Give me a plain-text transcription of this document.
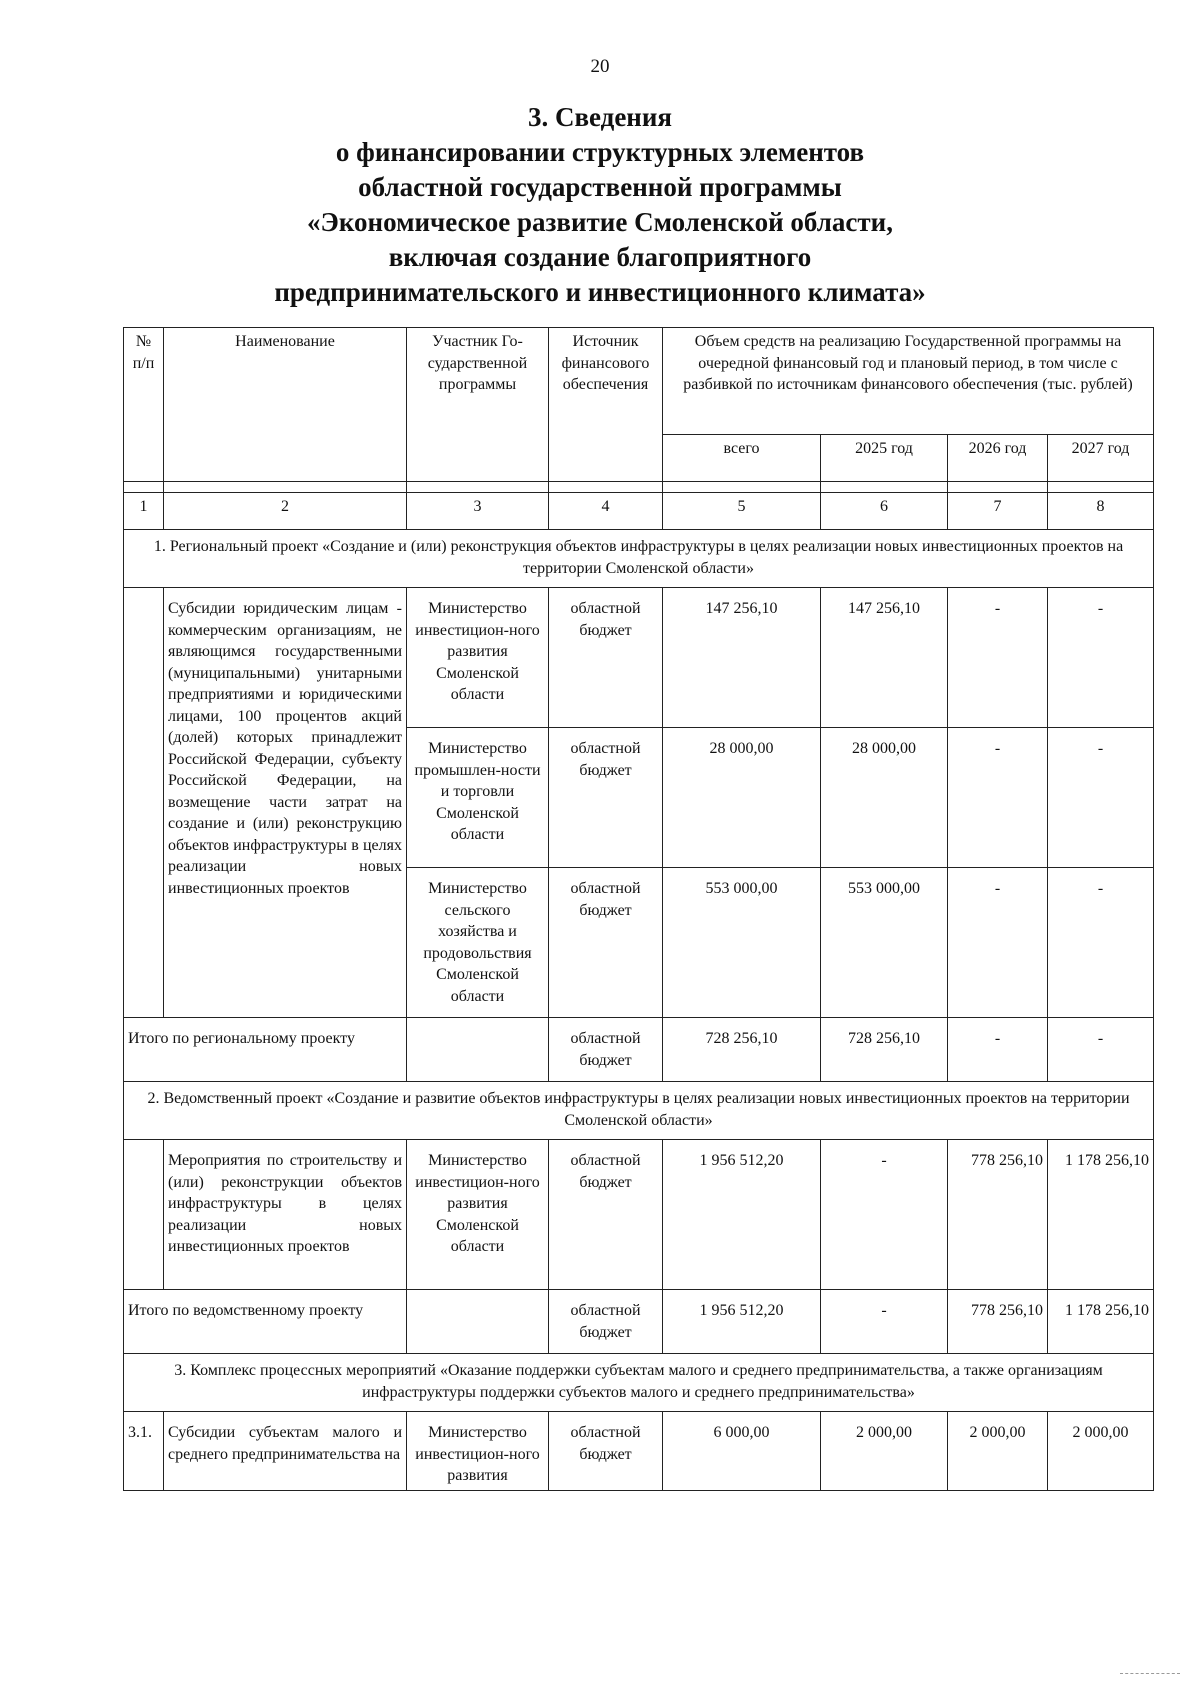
20
3. Сведения
о финансировании структурных элементов
областной государственной программы
«Экономическое развитие Смоленской области,
включая создание благоприятного
предпринимательского и инвестиционного климата»
№ п/п	Наименование	Участник Го-сударственной программы	Источник финансового обеспечения	Объем средств на реализацию Государственной программы на очередной финансовый год и плановый период, в том числе с разбивкой по источникам финансового обеспечения (тыс. рублей)			
				всего	2025 год	2026 год	2027 год

1	2	3	4	5	6	7	8
1. Региональный проект «Создание и (или) реконструкция объектов инфраструктуры в целях реализации новых инвестиционных проектов на территории Смоленской области»							
	Субсидии юридическим лицам - коммерческим организациям, не являющимся государственными (муниципальными) унитарными предприятиями и юридическими лицами, 100 процентов акций (долей) которых принадлежит Российской Федерации, субъекту Российской Федерации, на возмещение части затрат на создание и (или) реконструкцию объектов инфраструктуры в целях реализации новых инвестиционных проектов	Министерство инвестицион-ного развития Смоленской области	областной бюджет	147 256,10	147 256,10	-	-
		Министерство промышлен-ности и торговли Смоленской области	областной бюджет	28 000,00	28 000,00	-	-
		Министерство сельского хозяйства и продовольствия Смоленской области	областной бюджет	553 000,00	553 000,00	-	-
Итого по региональному проекту			областной бюджет	728 256,10	728 256,10	-	-
2. Ведомственный проект «Создание и развитие объектов инфраструктуры в целях реализации новых инвестиционных проектов на территории Смоленской области»							
	Мероприятия по строительству и (или) реконструкции объектов инфраструктуры в целях реализации новых инвестиционных проектов	Министерство инвестицион-ного развития Смоленской области	областной бюджет	1 956 512,20	-	778 256,10	1 178 256,10
Итого по ведомственному проекту			областной бюджет	1 956 512,20	-	778 256,10	1 178 256,10
3. Комплекс процессных мероприятий «Оказание поддержки субъектам малого и среднего предпринимательства, а также организациям инфраструктуры поддержки субъектов малого и среднего предпринимательства»							
3.1.	Субсидии субъектам малого и среднего предпринимательства на	Министерство инвестицион-ного развития	областной бюджет	6 000,00	2 000,00	2 000,00	2 000,00
